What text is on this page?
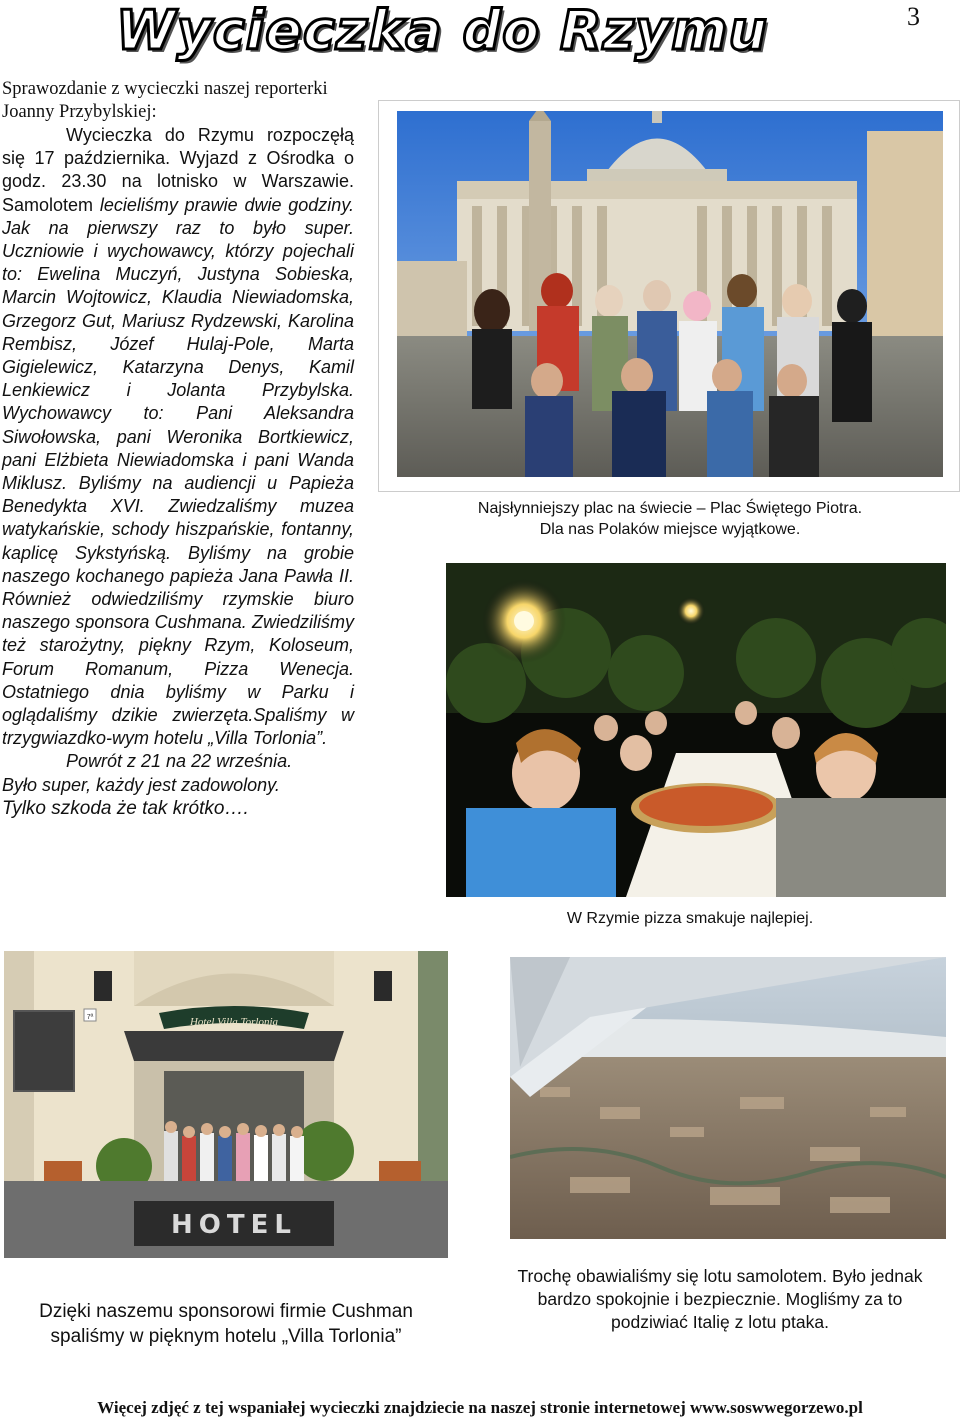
3
Wycieczka do Rzymu

Sprawozdanie z wycieczki naszej reporterki Joanny Przybylskiej:

Wycieczka do Rzymu rozpoczęłą się 17 października. Wyjazd z Ośrodka o godz. 23.30 na lotnisko w Warszawie. Samolotem lecieliśmy prawie dwie godziny. Jak na pierwszy raz to było super. Uczniowie i wychowawcy, którzy pojechali to: Ewelina Muczyń, Justyna Sobieska, Marcin Wojtowicz, Klaudia Niewiadomska, Grzegorz Gut, Mariusz Rydzewski, Karolina Rembisz, Józef Hulaj-Pole, Marta Gigielewicz, Katarzyna Denys, Kamil Lenkiewicz i Jolanta Przybylska. Wychowawcy to: Pani Aleksandra Siwołowska, pani Weronika Bortkiewicz, pani Elżbieta Niewiadomska i pani Wanda Miklusz. Byliśmy na audiencji u Papieża Benedykta XVI. Zwiedzaliśmy muzea watykańskie, schody hiszpańskie, fontanny, kaplicę Sykstyńską. Byliśmy na grobie naszego kochanego papieża Jana Pawła II. Również odwiedziliśmy rzymskie biuro naszego sponsora Cushmana. Zwiedziliśmy też starożytny, piękny Rzym, Koloseum, Forum Romanum, Pizza Wenecja. Ostatniego dnia byliśmy w Parku i oglądaliśmy dzikie zwierzęta.Spaliśmy w trzygwiazdko-wym hotelu „Villa Torlonia”.

Powrót z 21 na 22 września.

Było super, każdy jest zadowolony.

Tylko szkoda że tak krótko….

Najsłynniejszy plac na świecie – Plac Świętego Piotra.
Dla nas Polaków miejsce wyjątkowe.
W Rzymie pizza smakuje najlepiej.
7ª	Hotel Villa Torlonia
HOTEL
Dzięki naszemu sponsorowi firmie Cushman spaliśmy w pięknym hotelu „Villa Torlonia”
Trochę obawialiśmy się lotu samolotem. Było jednak bardzo spokojnie i bezpiecznie. Mogliśmy za to podziwiać Italię z lotu ptaka.
Więcej zdjęć z tej wspaniałej wycieczki znajdziecie na naszej stronie internetowej www.soswwegorzewo.pl
